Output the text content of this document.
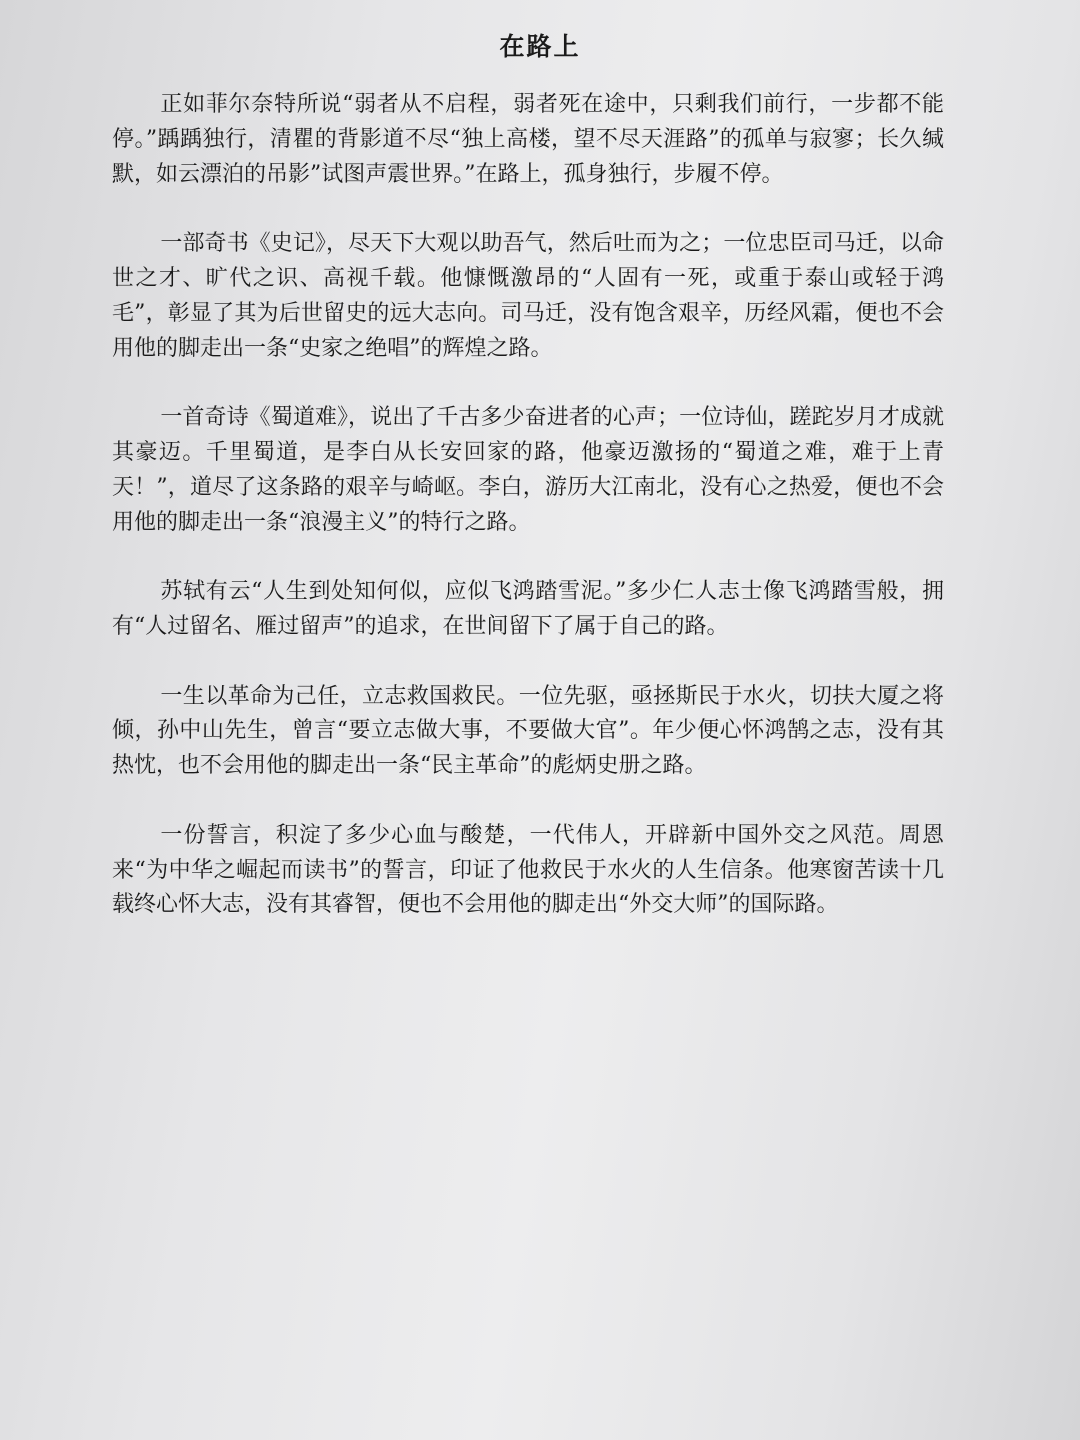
在路上

正如菲尔奈特所说“弱者从不启程，弱者死在途中，只剩我们前行，一步都不能停。”踽踽独行，清瞿的背影道不尽“独上高楼，望不尽天涯路”的孤单与寂寥；长久缄默，如云漂泊的吊影”试图声震世界。”在路上，孤身独行，步履不停。

一部奇书《史记》，尽天下大观以助吾气，然后吐而为之；一位忠臣司马迁，以命世之才、旷代之识、高视千载。他慷慨激昂的“人固有一死，或重于泰山或轻于鸿毛”，彰显了其为后世留史的远大志向。司马迁，没有饱含艰辛，历经风霜，便也不会用他的脚走出一条“史家之绝唱”的辉煌之路。

一首奇诗《蜀道难》，说出了千古多少奋进者的心声；一位诗仙，蹉跎岁月才成就其豪迈。千里蜀道，是李白从长安回家的路，他豪迈激扬的“蜀道之难，难于上青天！”，道尽了这条路的艰辛与崎岖。李白，游历大江南北，没有心之热爱，便也不会用他的脚走出一条“浪漫主义”的特行之路。

苏轼有云“人生到处知何似，应似飞鸿踏雪泥。”多少仁人志士像飞鸿踏雪般，拥有“人过留名、雁过留声”的追求，在世间留下了属于自己的路。

一生以革命为己任，立志救国救民。一位先驱，亟拯斯民于水火，切扶大厦之将倾，孙中山先生，曾言“要立志做大事，不要做大官”。年少便心怀鸿鹄之志，没有其热忱，也不会用他的脚走出一条“民主革命”的彪炳史册之路。

一份誓言，积淀了多少心血与酸楚，一代伟人，开辟新中国外交之风范。周恩来“为中华之崛起而读书”的誓言，印证了他救民于水火的人生信条。他寒窗苦读十几载终心怀大志，没有其睿智，便也不会用他的脚走出“外交大师”的国际路。
